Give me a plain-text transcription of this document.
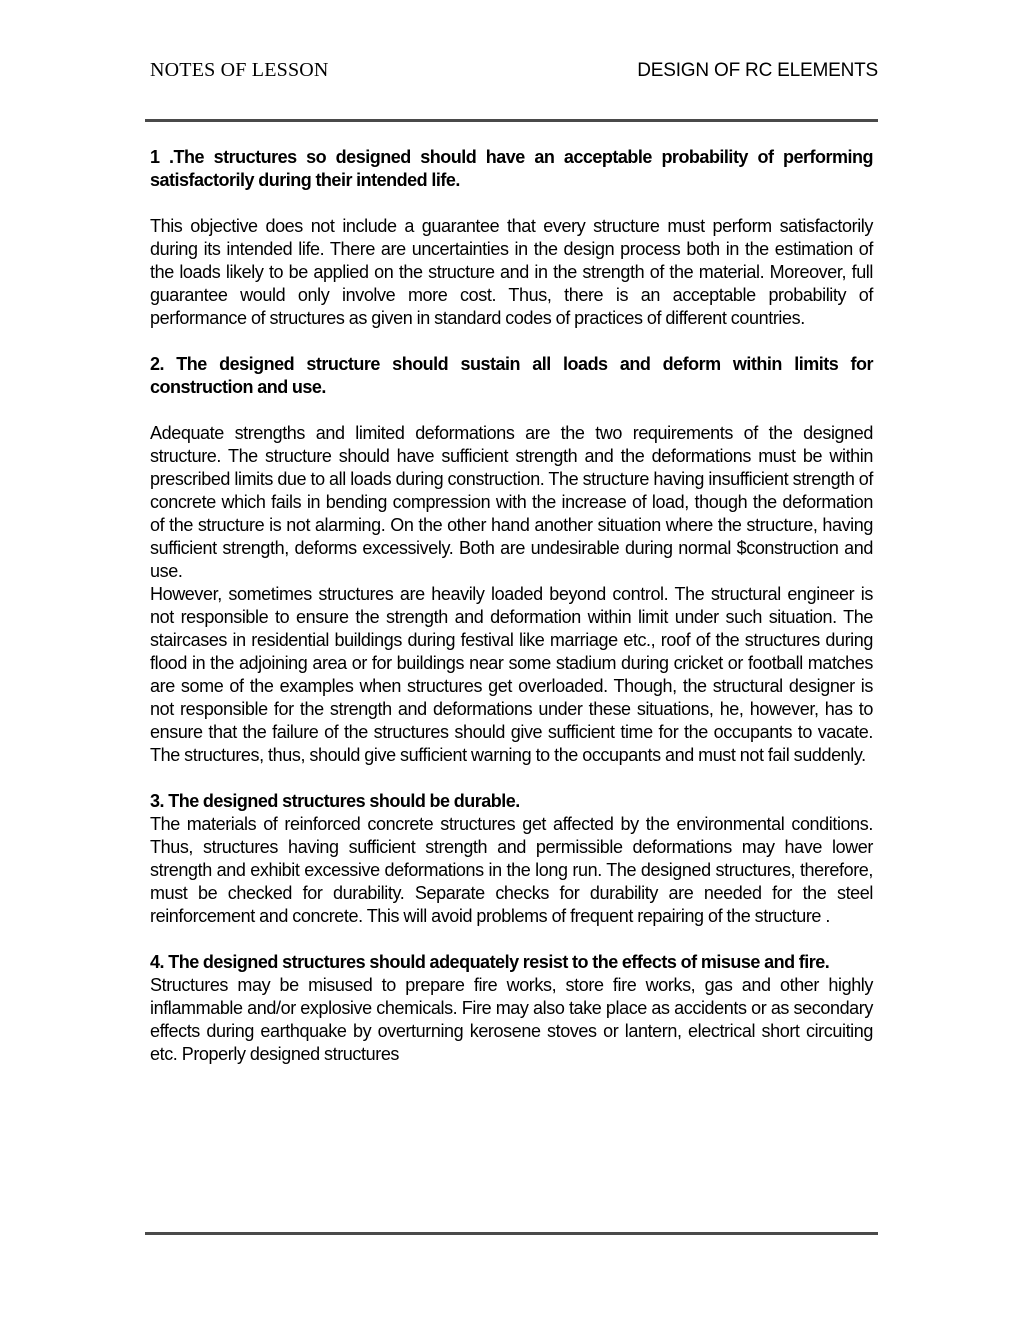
NOTES OF LESSON	DESIGN OF RC ELEMENTS

1 .The structures so designed should have an acceptable probability of performing satisfactorily during their intended life.

This objective does not include a guarantee that every structure must perform satisfactorily during its intended life. There are uncertainties in the design process both in the estimation of the loads likely to be applied on the structure and in the strength of the material. Moreover, full guarantee would only involve more cost. Thus, there is an acceptable probability of performance of structures as given in standard codes of practices of different countries.

2. The designed structure should sustain all loads and deform within limits for construction and use.

Adequate strengths and limited deformations are the two requirements of the designed structure. The structure should have sufficient strength and the deformations must be within prescribed limits due to all loads during construction. The structure having insufficient strength of concrete which fails in bending compression with the increase of load, though the deformation of the structure is not alarming. On the other hand another situation where the structure, having sufficient strength, deforms excessively. Both are undesirable during normal $construction and use.

However, sometimes structures are heavily loaded beyond control. The structural engineer is not responsible to ensure the strength and deformation within limit under such situation. The staircases in residential buildings during festival like marriage etc., roof of the structures during flood in the adjoining area or for buildings near some stadium during cricket or football matches are some of the examples when structures get overloaded. Though, the structural designer is not responsible for the strength and deformations under these situations, he, however, has to ensure that the failure of the structures should give sufficient time for the occupants to vacate. The structures, thus, should give sufficient warning to the occupants and must not fail suddenly.

3. The designed structures should be durable.

The materials of reinforced concrete structures get affected by the environmental conditions. Thus, structures having sufficient strength and permissible deformations may have lower strength and exhibit excessive deformations in the long run. The designed structures, therefore, must be checked for durability. Separate checks for durability are needed for the steel reinforcement and concrete. This will avoid problems of frequent repairing of the structure .

4. The designed structures should adequately resist to the effects of misuse and fire.

Structures may be misused to prepare fire works, store fire works, gas and other highly inflammable and/or explosive chemicals. Fire may also take place as accidents or as secondary effects during earthquake by overturning kerosene stoves or lantern, electrical short circuiting etc. Properly designed structures
